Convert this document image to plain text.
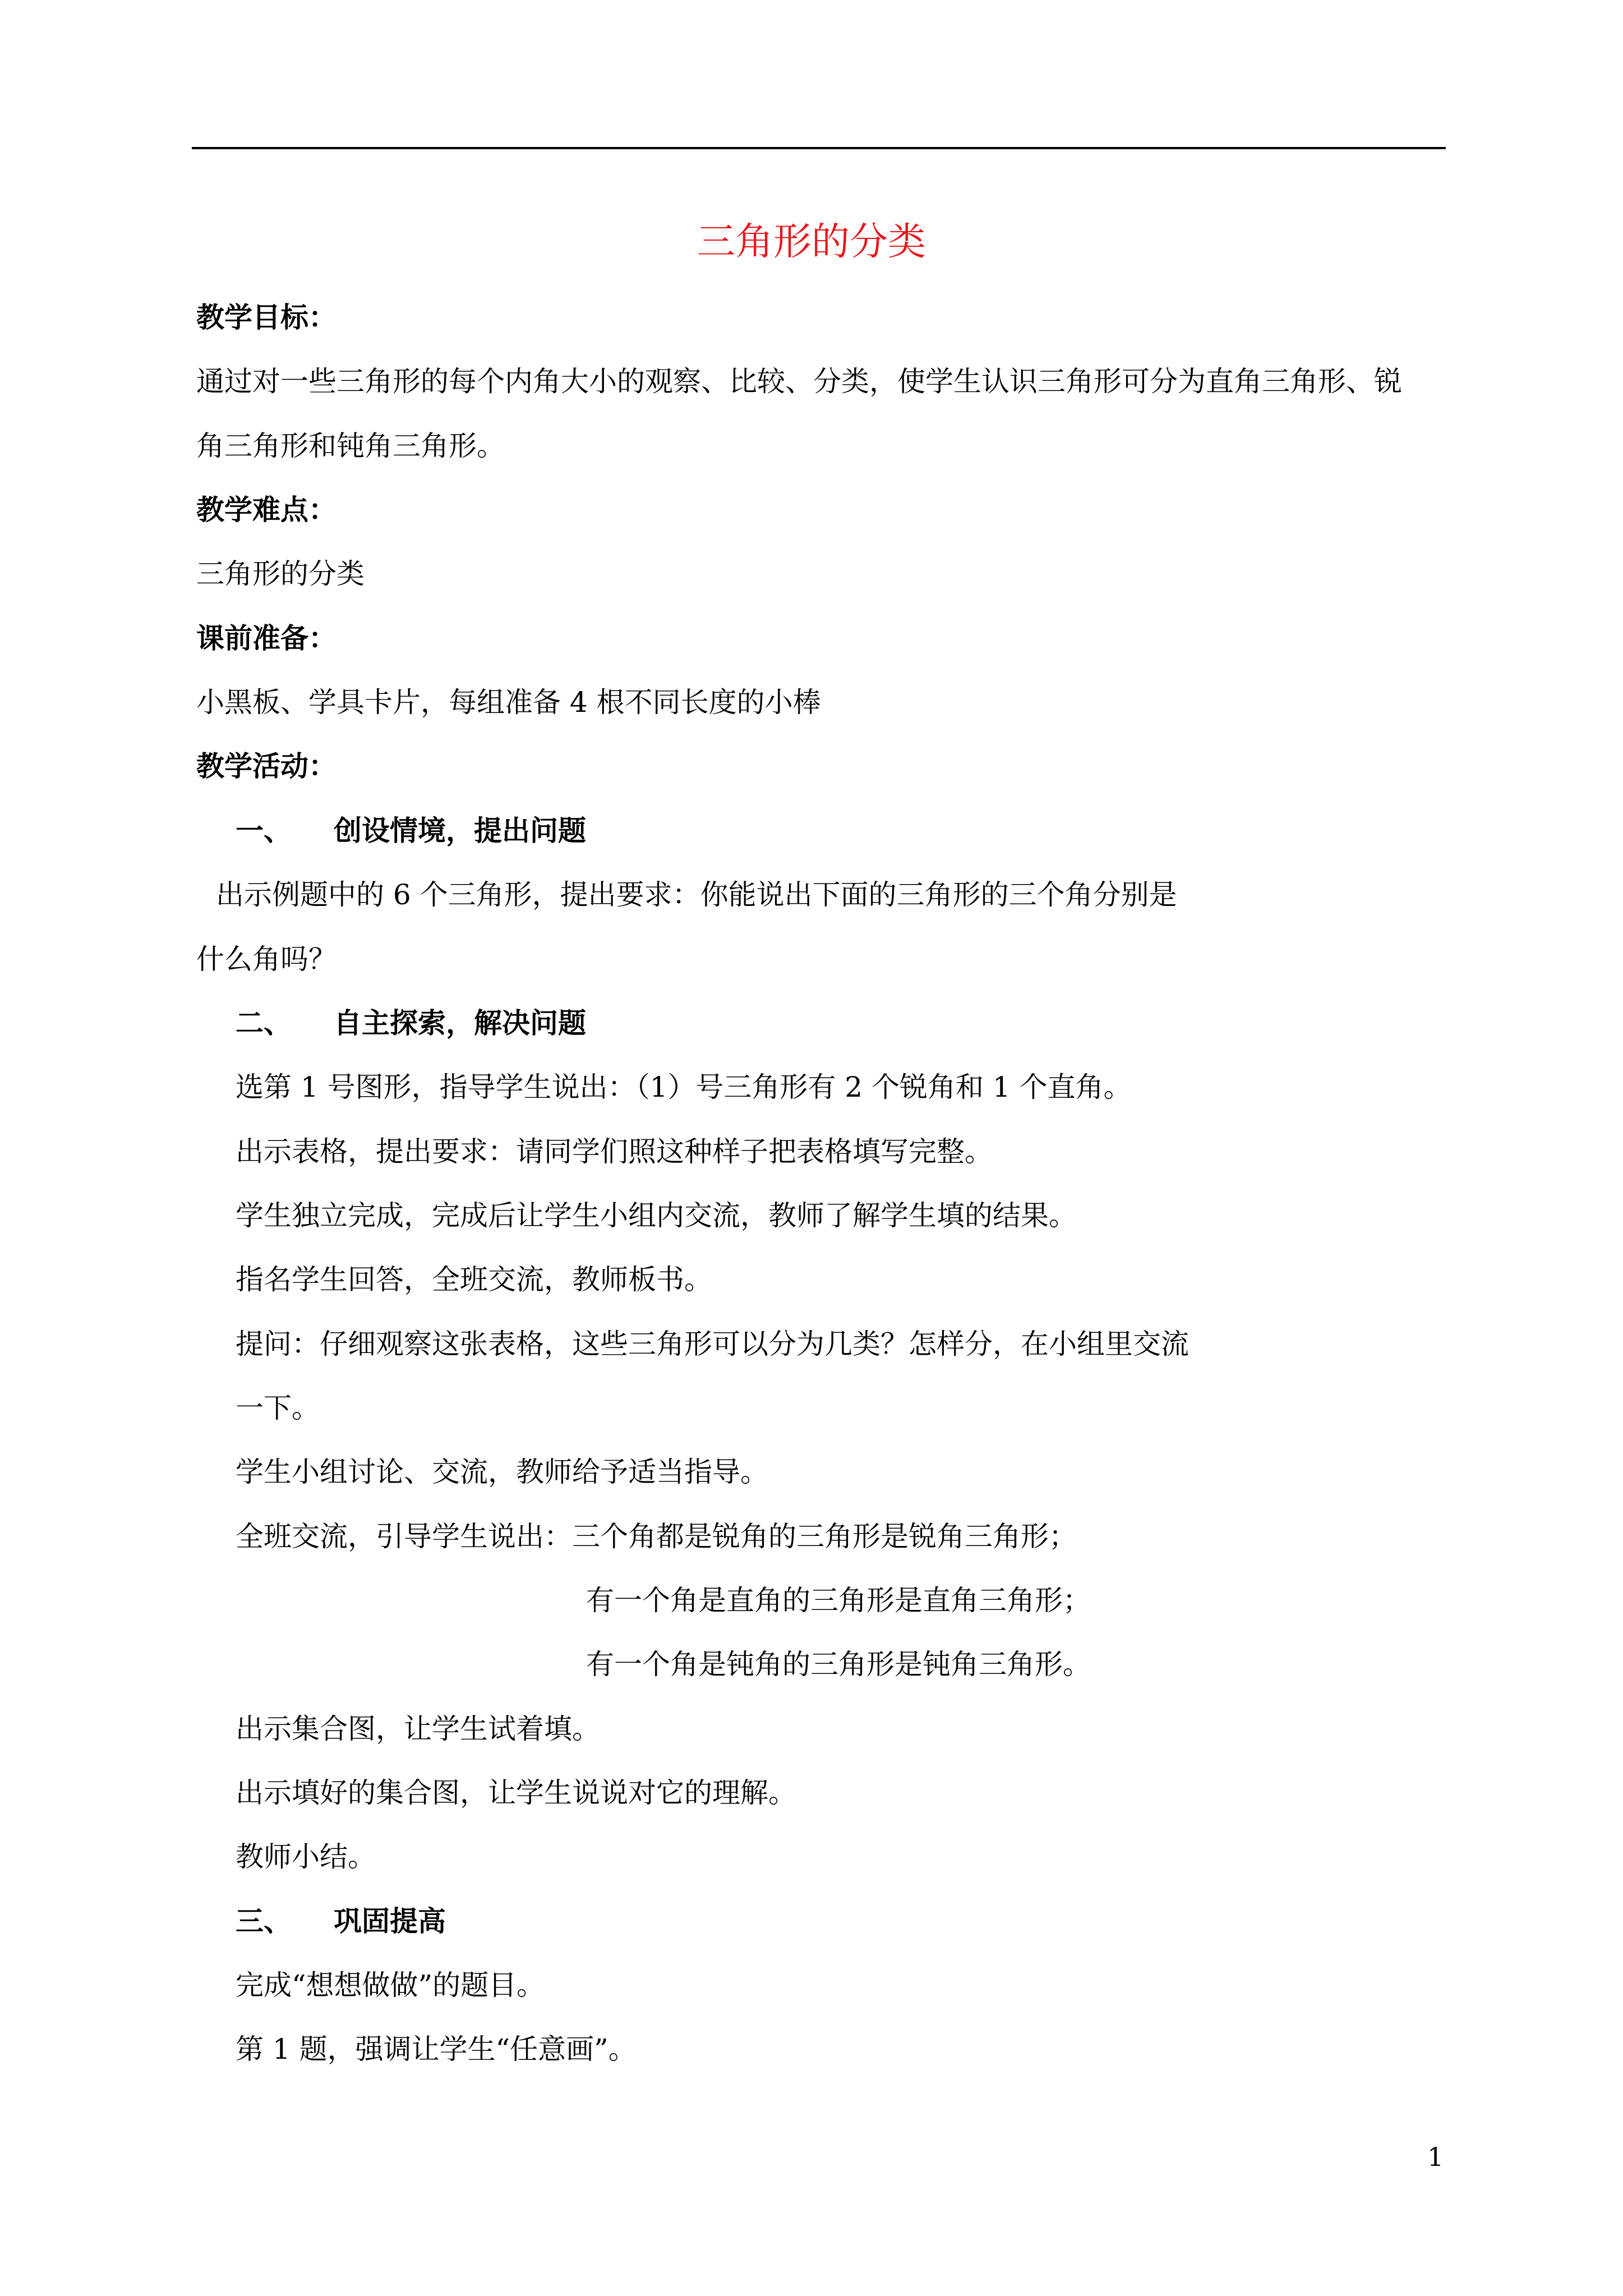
三角形的分类
教学目标：
通过对一些三角形的每个内角大小的观察、比较、分类，使学生认识三角形可分为直角三角形、锐
角三角形和钝角三角形。
教学难点：
三角形的分类
课前准备：
小黑板、学具卡片，每组准备 4 根不同长度的小棒
教学活动：
一、 创设情境，提出问题
出示例题中的 6 个三角形，提出要求：你能说出下面的三角形的三个角分别是
什么角吗？
二、 自主探索，解决问题
选第 1 号图形，指导学生说出：（1）号三角形有 2 个锐角和 1 个直角。
出示表格，提出要求：请同学们照这种样子把表格填写完整。
学生独立完成，完成后让学生小组内交流，教师了解学生填的结果。
指名学生回答，全班交流，教师板书。
提问：仔细观察这张表格，这些三角形可以分为几类？怎样分，在小组里交流
一下。
学生小组讨论、交流，教师给予适当指导。
全班交流，引导学生说出：三个角都是锐角的三角形是锐角三角形；
有一个角是直角的三角形是直角三角形；
有一个角是钝角的三角形是钝角三角形。
出示集合图，让学生试着填。
出示填好的集合图，让学生说说对它的理解。
教师小结。
三、 巩固提高
完成“想想做做”的题目。
第 1 题，强调让学生“任意画”。
1
